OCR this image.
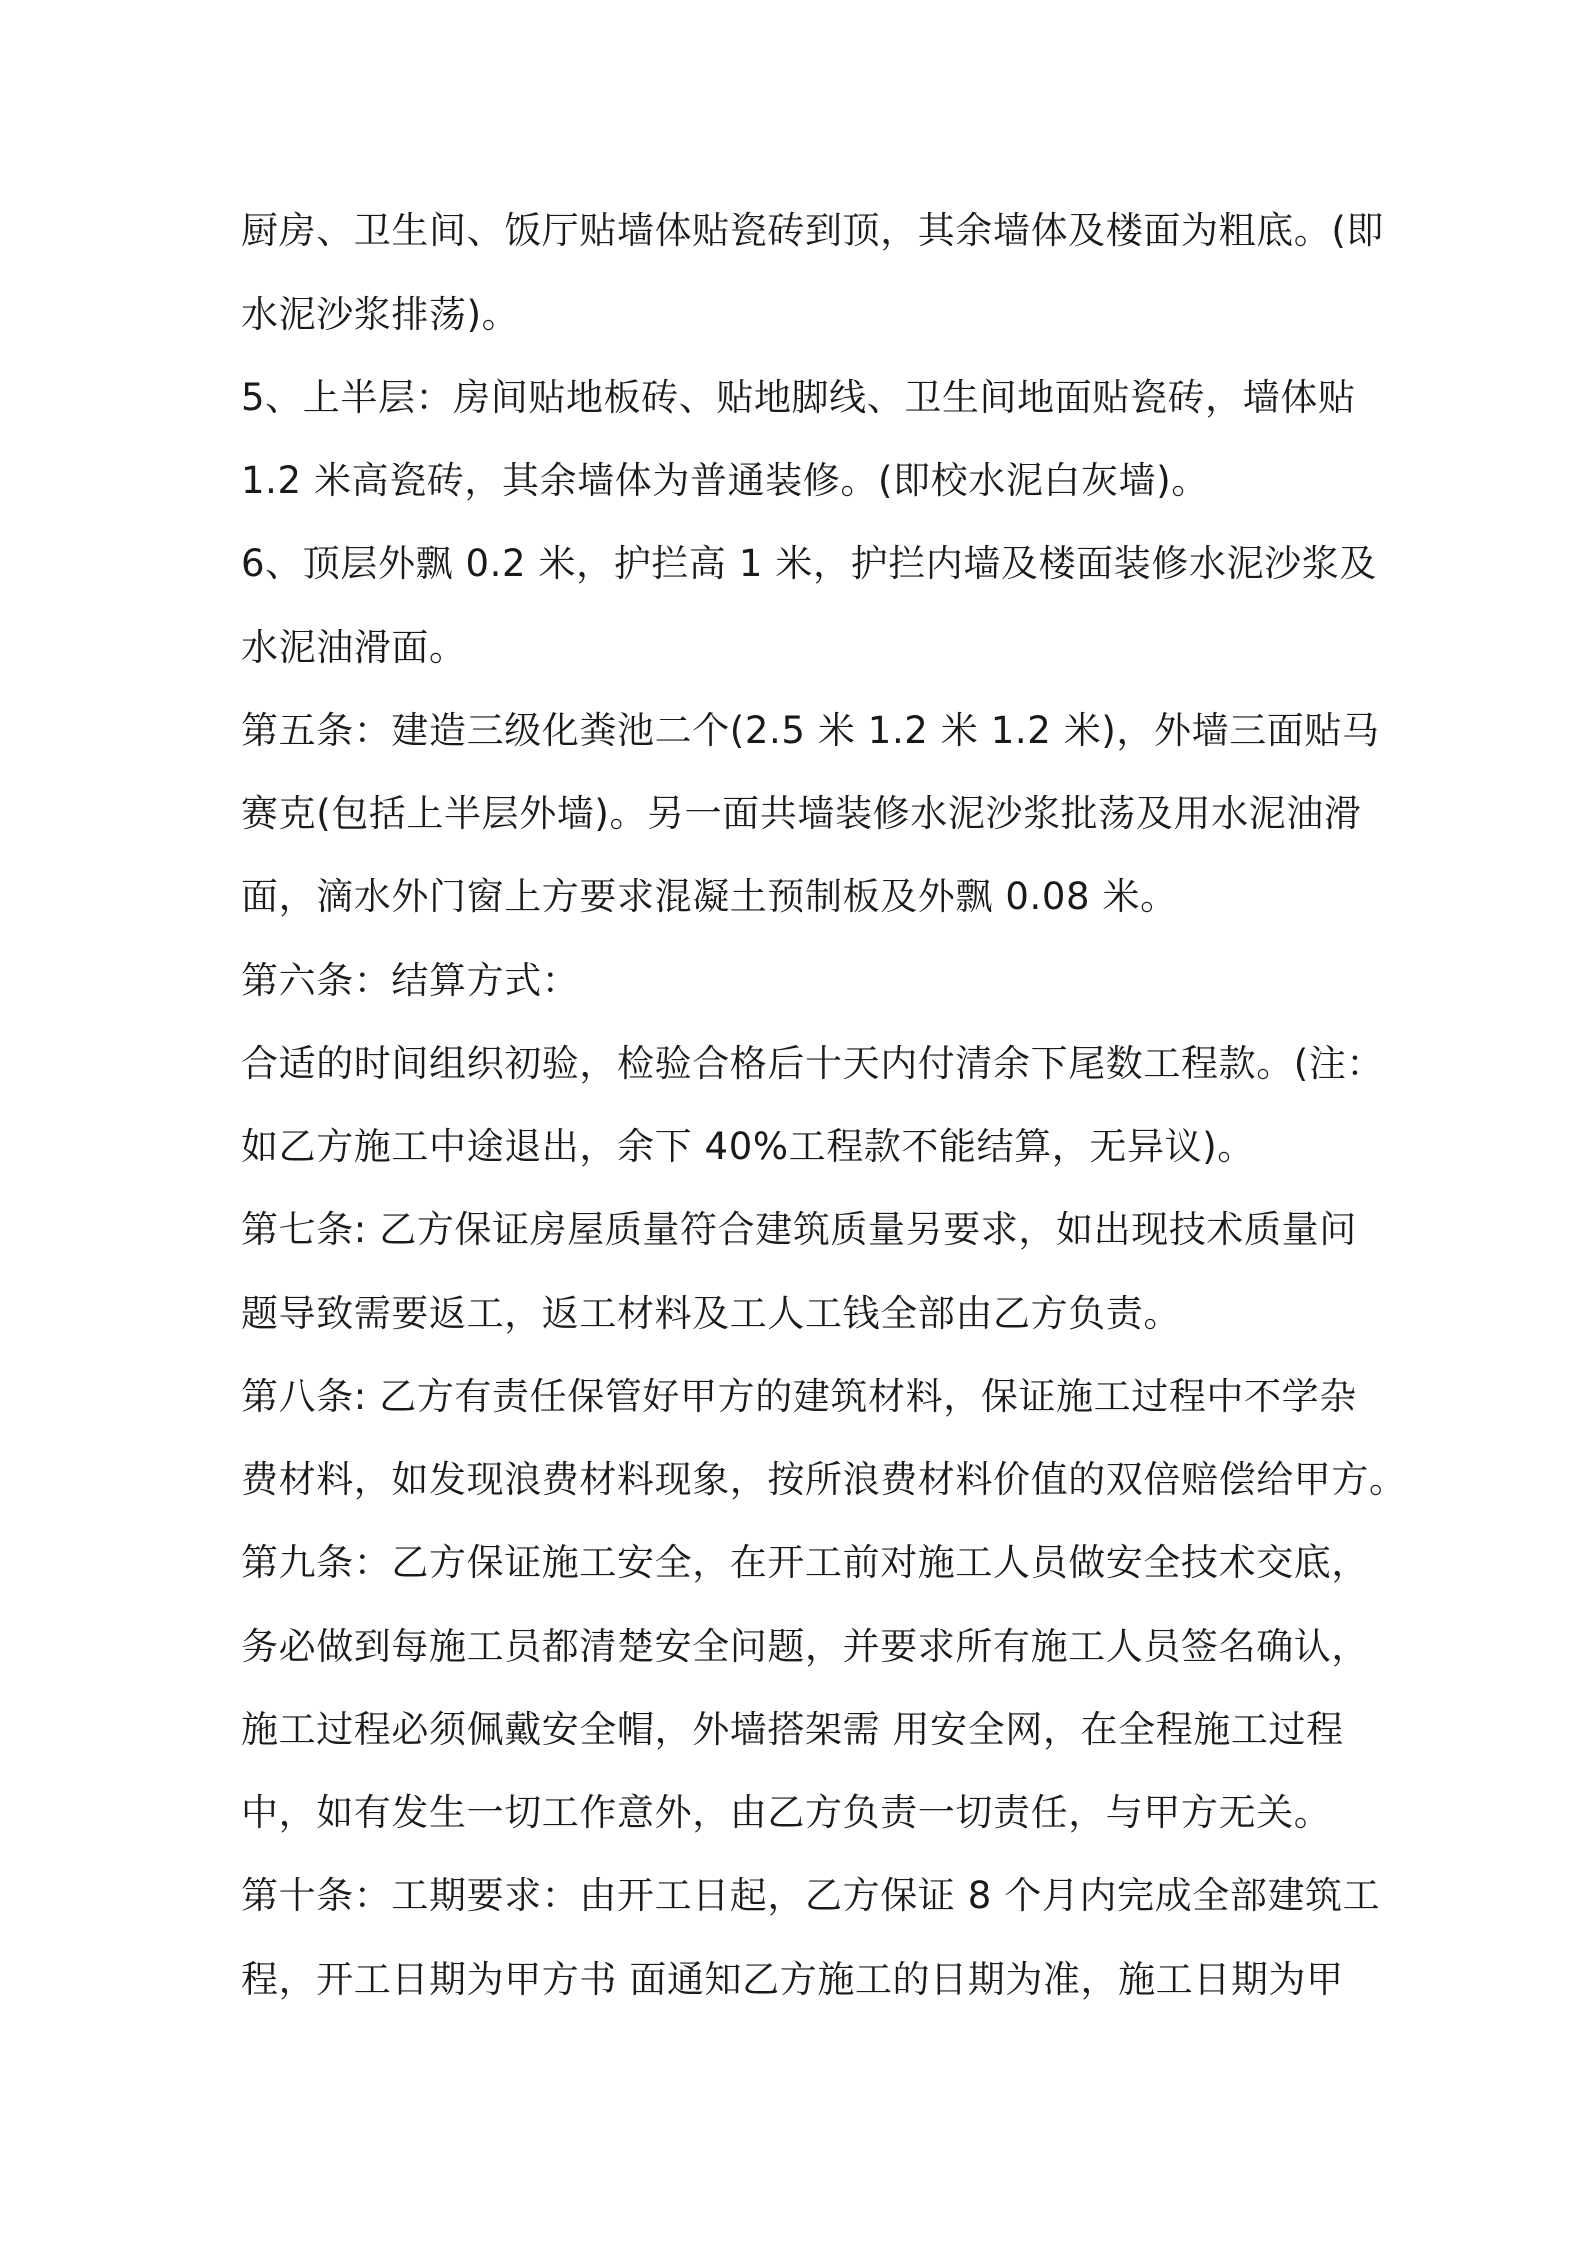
厨房、卫生间、饭厅贴墙体贴瓷砖到顶，其余墙体及楼面为粗底。(即
水泥沙浆排荡)。
5、上半层：房间贴地板砖、贴地脚线、卫生间地面贴瓷砖，墙体贴
1.2 米高瓷砖，其余墙体为普通装修。(即校水泥白灰墙)。
6、顶层外飘 0.2 米，护拦高 1 米，护拦内墙及楼面装修水泥沙浆及
水泥油滑面。
第五条：建造三级化粪池二个(2.5 米 1.2 米 1.2 米)，外墙三面贴马
赛克(包括上半层外墙)。另一面共墙装修水泥沙浆批荡及用水泥油滑
面，滴水外门窗上方要求混凝土预制板及外飘 0.08 米。
第六条：结算方式：
合适的时间组织初验，检验合格后十天内付清余下尾数工程款。(注：
如乙方施工中途退出，余下 40%工程款不能结算，无异议)。
第七条: 乙方保证房屋质量符合建筑质量另要求，如出现技术质量问
题导致需要返工，返工材料及工人工钱全部由乙方负责。
第八条: 乙方有责任保管好甲方的建筑材料，保证施工过程中不学杂
费材料，如发现浪费材料现象，按所浪费材料价值的双倍赔偿给甲方。
第九条：乙方保证施工安全，在开工前对施工人员做安全技术交底，
务必做到每施工员都清楚安全问题，并要求所有施工人员签名确认，
施工过程必须佩戴安全帽，外墙搭架需 用安全网，在全程施工过程
中，如有发生一切工作意外，由乙方负责一切责任，与甲方无关。
第十条：工期要求：由开工日起，乙方保证 8 个月内完成全部建筑工
程，开工日期为甲方书 面通知乙方施工的日期为准，施工日期为甲
